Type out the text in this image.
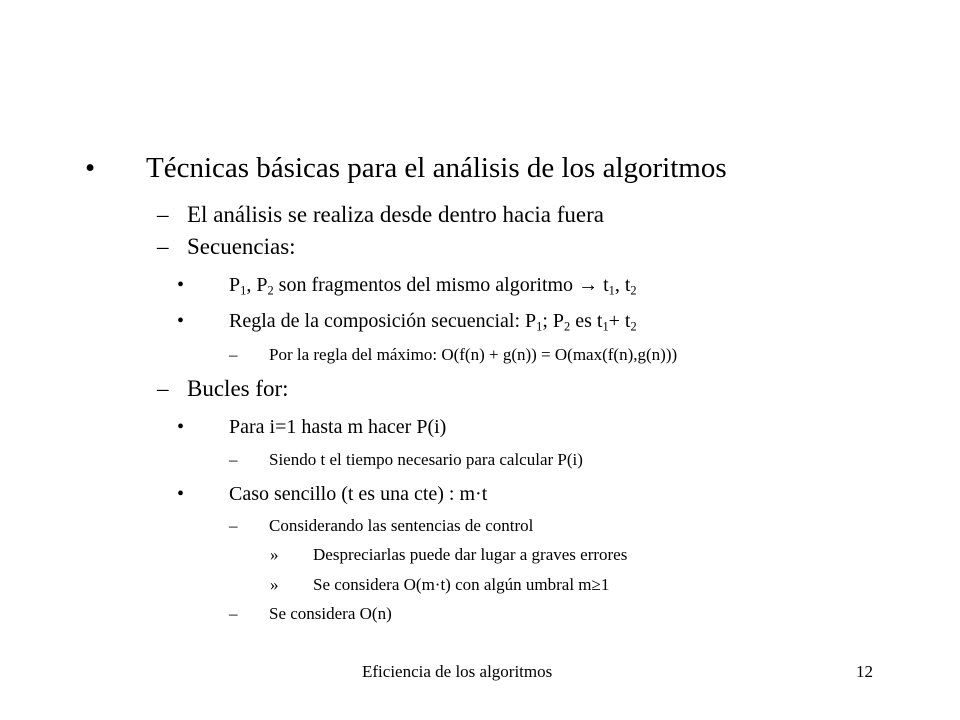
• Técnicas básicas para el análisis de los algoritmos
– El análisis se realiza desde dentro hacia fuera
– Secuencias:
• $P_1$, $P_2$ son fragmentos del mismo algoritmo → $t_1$, $t_2$
• Regla de la composición secuencial: $P_1$; $P_2$ es $t_1+ t_2$
– Por la regla del máximo: O(f(n) + g(n)) = O(max(f(n),g(n)))
– Bucles for:
• Para i=1 hasta m hacer P(i)
– Siendo t el tiempo necesario para calcular P(i)
• Caso sencillo (t es una cte) : m·t
– Considerando las sentencias de control
» Despreciarlas puede dar lugar a graves errores
» Se considera O(m·t) con algún umbral m≥1
– Se considera O(n)
Eficiencia de los algoritmos	12
